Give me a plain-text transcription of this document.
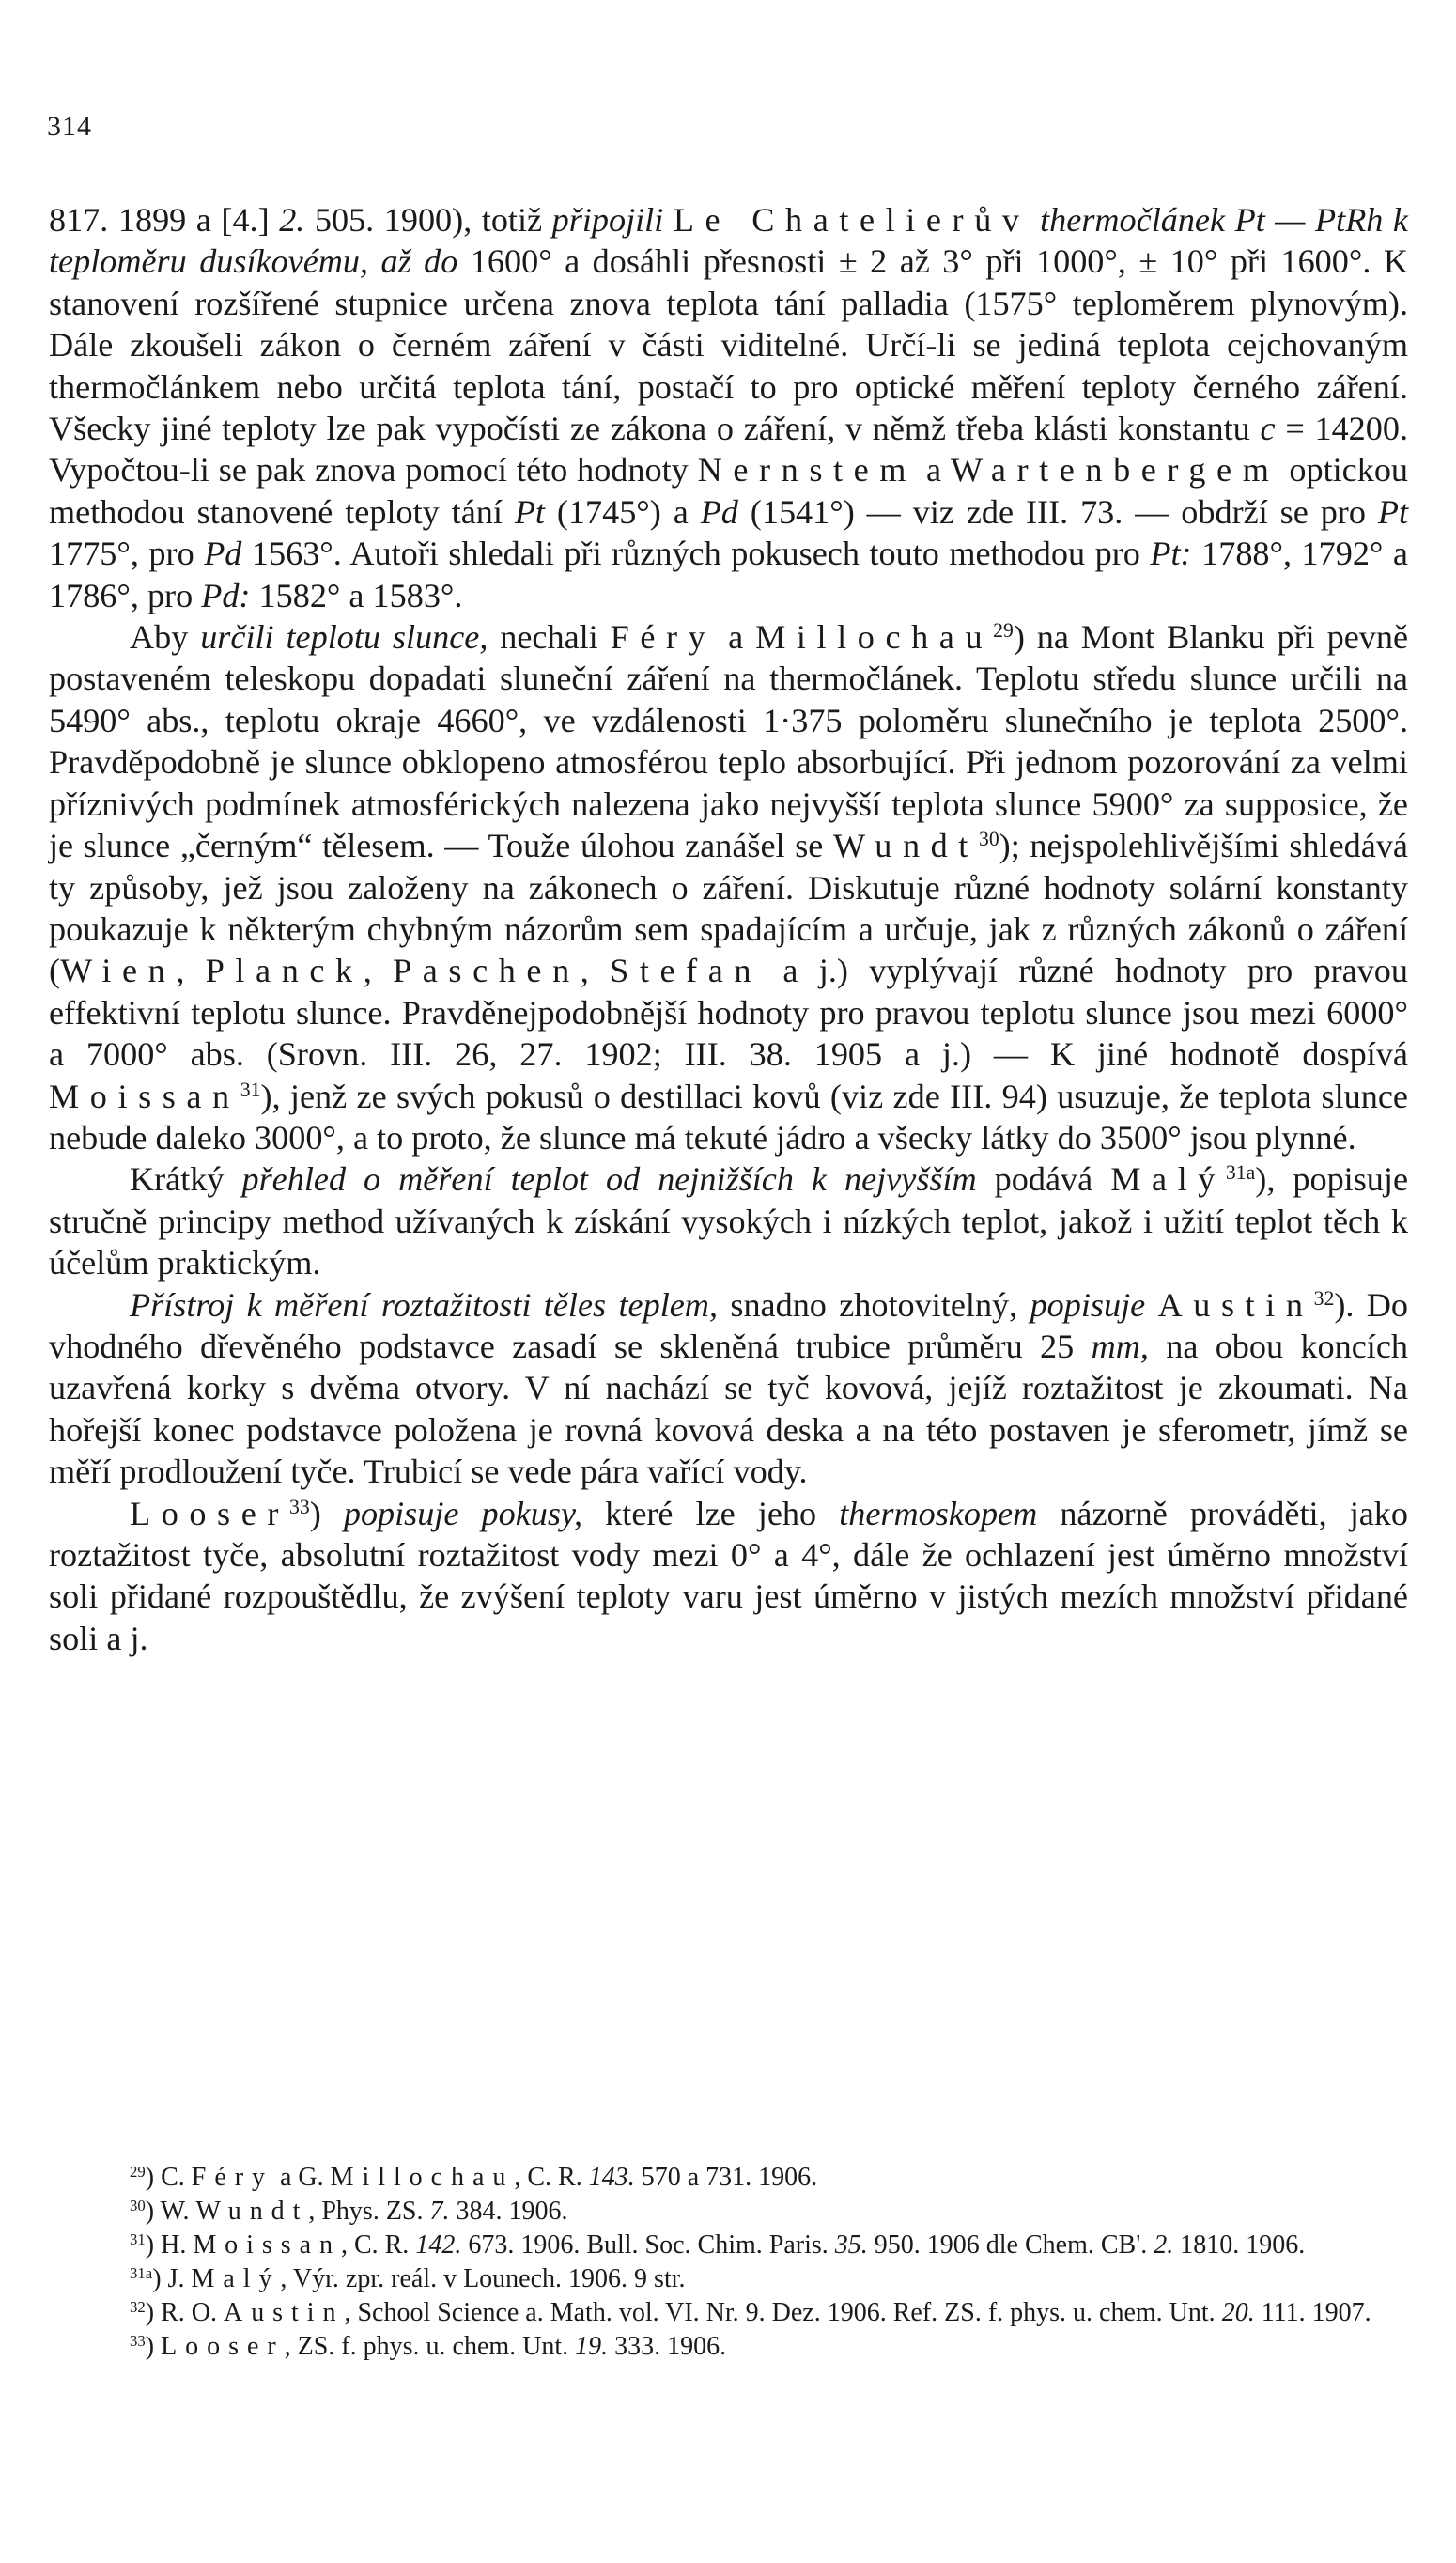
314

817. 1899 a [4.] 2. 505. 1900), totiž připojili Le Chatelierův thermočlánek Pt — PtRh k teploměru dusíkovému, až do 1600° a dosáhli přesnosti ± 2 až 3° při 1000°, ± 10° při 1600°. K stanovení rozšířené stupnice určena znova teplota tání palladia (1575° teploměrem plynovým). Dále zkoušeli zákon o černém záření v části viditelné. Určí-li se jediná teplota cejchovaným thermočlánkem nebo určitá teplota tání, postačí to pro optické měření teploty černého záření. Všecky jiné teploty lze pak vypočísti ze zákona o záření, v němž třeba klásti konstantu c = 14200. Vypočtou-li se pak znova pomocí této hodnoty Nernstem a Wartenbergem optickou methodou stanovené teploty tání Pt (1745°) a Pd (1541°) — viz zde III. 73. — obdrží se pro Pt 1775°, pro Pd 1563°. Autoři shledali při různých pokusech touto methodou pro Pt: 1788°, 1792° a 1786°, pro Pd: 1582° a 1583°.

Aby určili teplotu slunce, nechali Féry a Millochau$^{29}$) na Mont Blanku při pevně postaveném teleskopu dopadati sluneční záření na thermočlánek. Teplotu středu slunce určili na 5490° abs., teplotu okraje 4660°, ve vzdálenosti 1·375 poloměru slunečního je teplota 2500°. Pravděpodobně je slunce obklopeno atmosférou teplo absorbující. Při jednom pozorování za velmi příznivých podmínek atmosférických nalezena jako nejvyšší teplota slunce 5900° za supposice, že je slunce „černým“ tělesem. — Touže úlohou zanášel se Wundt$^{30}$); nejspolehlivějšími shledává ty způsoby, jež jsou založeny na zákonech o záření. Diskutuje různé hodnoty solární konstanty poukazuje k některým chybným názorům sem spadajícím a určuje, jak z různých zákonů o záření (Wien, Planck, Paschen, Stefan a j.) vyplývají různé hodnoty pro pravou effektivní teplotu slunce. Pravděnejpodobnější hodnoty pro pravou teplotu slunce jsou mezi 6000° a 7000° abs. (Srovn. III. 26, 27. 1902; III. 38. 1905 a j.) — K jiné hodnotě dospívá Moissan$^{31}$), jenž ze svých pokusů o destillaci kovů (viz zde III. 94) usuzuje, že teplota slunce nebude daleko 3000°, a to proto, že slunce má tekuté jádro a všecky látky do 3500° jsou plynné.

Krátký přehled o měření teplot od nejnižších k nejvyšším podává Malý$^{31a}$), popisuje stručně principy method užívaných k získání vysokých i nízkých teplot, jakož i užití teplot těch k účelům praktickým.

Přístroj k měření roztažitosti těles teplem, snadno zhotovitelný, popisuje Austin$^{32}$). Do vhodného dřevěného podstavce zasadí se skleněná trubice průměru 25 mm, na obou koncích uzavřená korky s dvěma otvory. V ní nachází se tyč kovová, jejíž roztažitost je zkoumati. Na hořejší konec podstavce položena je rovná kovová deska a na této postaven je sferometr, jímž se měří prodloužení tyče. Trubicí se vede pára vařící vody.

Looser$^{33}$) popisuje pokusy, které lze jeho thermoskopem názorně prováděti, jako roztažitost tyče, absolutní roztažitost vody mezi 0° a 4°, dále že ochlazení jest úměrno množství soli přidané rozpouštědlu, že zvýšení teploty varu jest úměrno v jistých mezích množství přidané soli a j.

$^{29}$) C. Féry a G. Millochau, C. R. 143. 570 a 731. 1906.

$^{30}$) W. Wundt, Phys. ZS. 7. 384. 1906.

$^{31}$) H. Moissan, C. R. 142. 673. 1906. Bull. Soc. Chim. Paris. 35. 950. 1906 dle Chem. CB'. 2. 1810. 1906.

$^{31a}$) J. Malý, Výr. zpr. reál. v Lounech. 1906. 9 str.

$^{32}$) R. O. Austin, School Science a. Math. vol. VI. Nr. 9. Dez. 1906. Ref. ZS. f. phys. u. chem. Unt. 20. 111. 1907.

$^{33}$) Looser, ZS. f. phys. u. chem. Unt. 19. 333. 1906.
